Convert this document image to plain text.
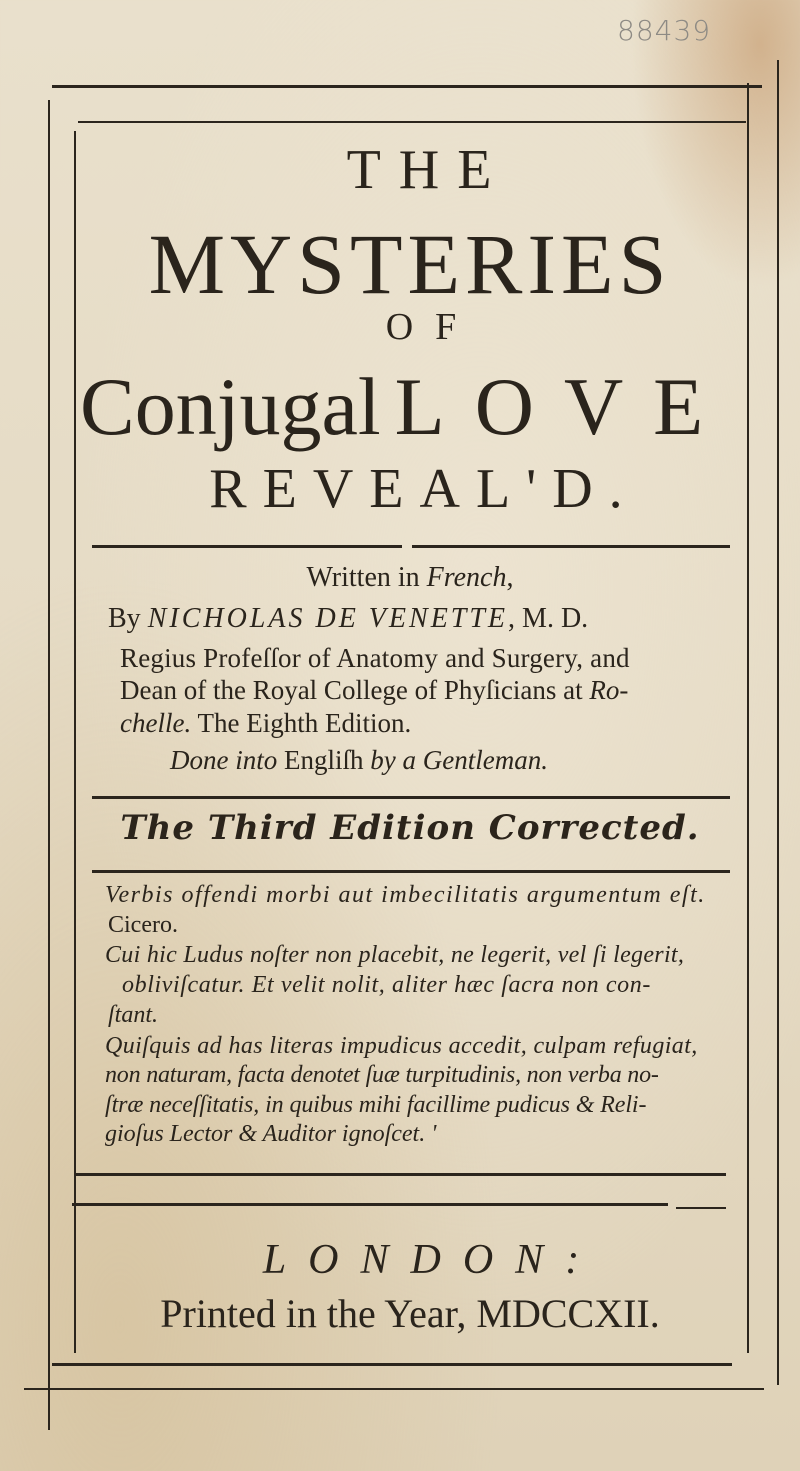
88439
THE
MYSTERIES
OF
Conjugal LOVE
REVEAL'D.
Written in French,
By NICHOLAS DE VENETTE, M. D.
Regius Profeſſor of Anatomy and Surgery, and
Dean of the Royal College of Phyſicians at Ro-
chelle. The Eighth Edition.
Done into Engliſh by a Gentleman.
The Third Edition Corrected.
Verbis offendi morbi aut imbecilitatis argumentum eſt.
Cicero.
Cui hic Ludus noſter non placebit, ne legerit, vel ſi legerit,
obliviſcatur. Et velit nolit, aliter hæc ſacra non con-
ſtant.
Quiſquis ad has literas impudicus accedit, culpam refugiat,
non naturam, facta denotet ſuæ turpitudinis, non verba no-
ſtræ neceſſitatis, in quibus mihi facillime pudicus & Reli-
gioſus Lector & Auditor ignoſcet. '
LONDON:
Printed in the Year, MDCCXII.
